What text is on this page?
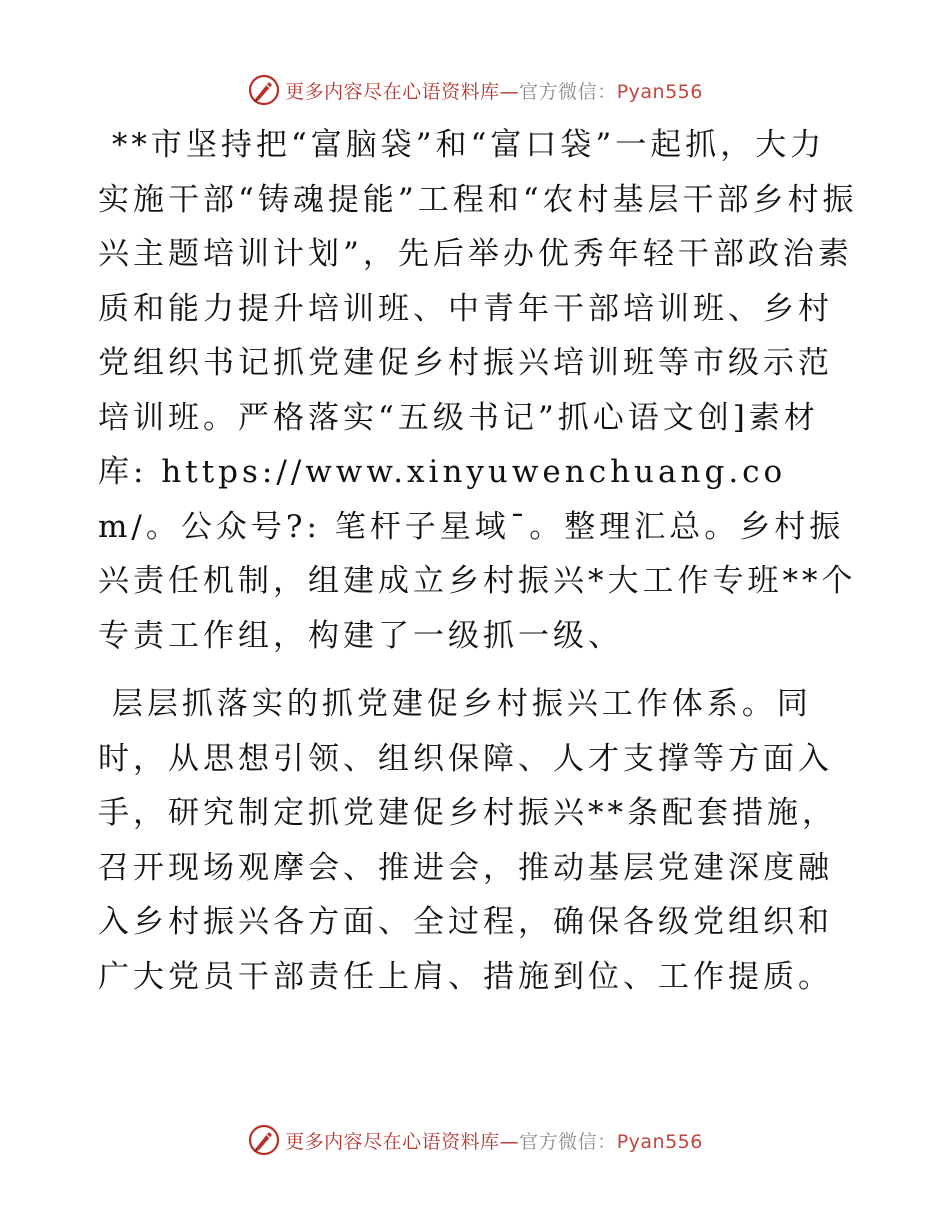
更多内容尽在心语资料库—官方微信：Pyan556

**市坚持把“富脑袋”和“富口袋”一起抓，大力实施干部“铸魂提能”工程和“农村基层干部乡村振兴主题培训计划”，先后举办优秀年轻干部政治素质和能力提升培训班、中青年干部培训班、乡村党组织书记抓党建促乡村振兴培训班等市级示范培训班。严格落实“五级书记”抓心语文创]素材库: https://www.xinyuwenchuang.com/。公众号?: 笔杆子星域¯。整理汇总。乡村振兴责任机制，组建成立乡村振兴*大工作专班**个专责工作组，构建了一级抓一级、

层层抓落实的抓党建促乡村振兴工作体系。同时，从思想引领、组织保障、人才支撑等方面入手，研究制定抓党建促乡村振兴**条配套措施，召开现场观摩会、推进会，推动基层党建深度融入乡村振兴各方面、全过程，确保各级党组织和广大党员干部责任上肩、措施到位、工作提质。

更多内容尽在心语资料库—官方微信：Pyan556
